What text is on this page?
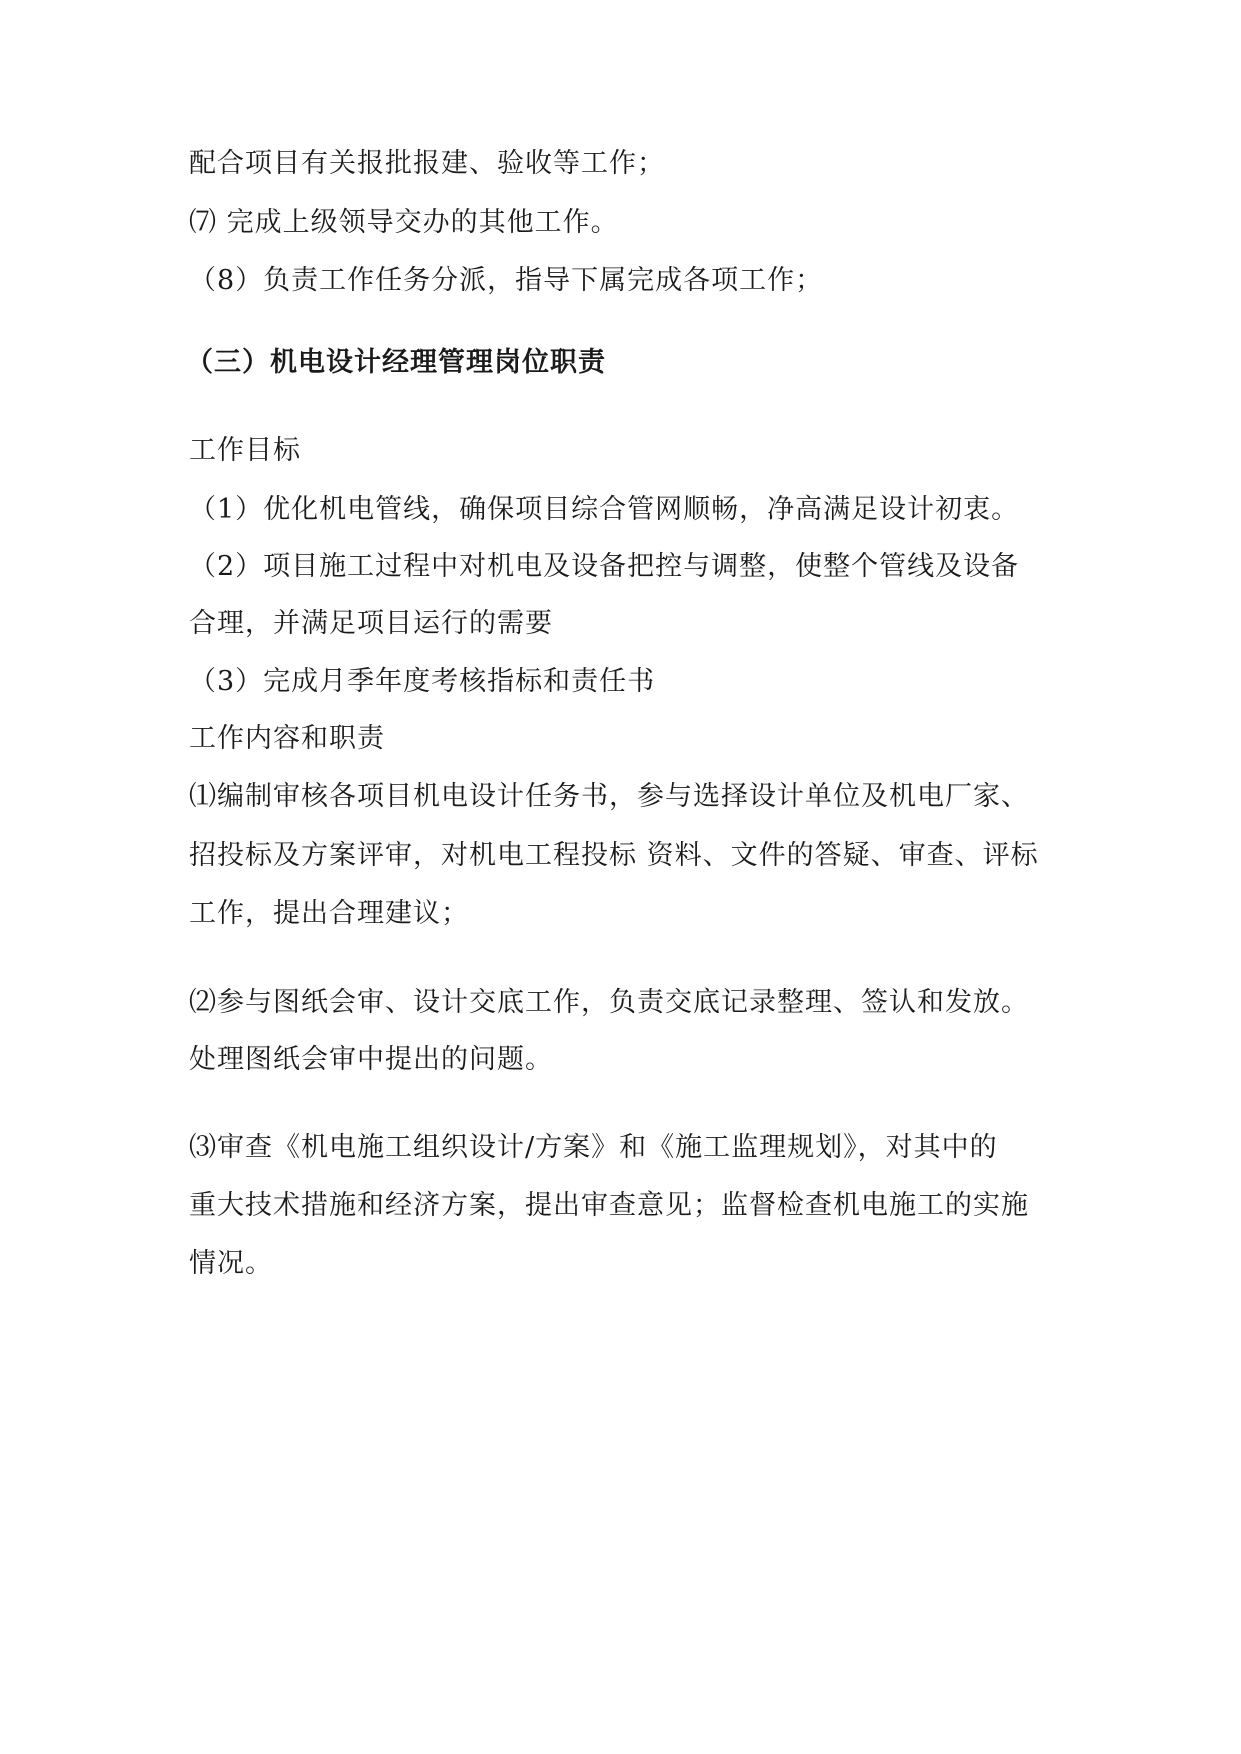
配合项目有关报批报建、验收等工作；
⑺ 完成上级领导交办的其他工作。
（8）负责工作任务分派，指导下属完成各项工作；
（三）机电设计经理管理岗位职责
工作目标
（1）优化机电管线，确保项目综合管网顺畅，净高满足设计初衷。
（2）项目施工过程中对机电及设备把控与调整，使整个管线及设备
合理，并满足项目运行的需要
（3）完成月季年度考核指标和责任书
工作内容和职责
⑴编制审核各项目机电设计任务书，参与选择设计单位及机电厂家、
招投标及方案评审，对机电工程投标 资料、文件的答疑、审查、评标
工作，提出合理建议；
⑵参与图纸会审、设计交底工作，负责交底记录整理、签认和发放。
处理图纸会审中提出的问题。
⑶审查《机电施工组织设计/方案》和《施工监理规划》，对其中的
重大技术措施和经济方案，提出审查意见；监督检查机电施工的实施
情况。
